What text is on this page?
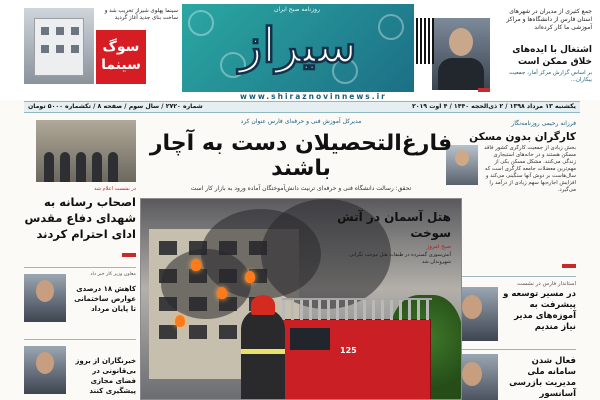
جمع کثیری از مدیران در شهرهای استان فارس از دانشگاه‌ها و مراکز آموزشی ما کار کرده‌اند
اشتغال با ایده‌های خلاق ممکن است
بر اساس گزارش مرکز آمار، جمعیت بیکاران...
روزنامه صبح ایران
سیراز
سینما پهلوی شیراز تخریب شد و ساخت بنای جدید آغاز گردید
سوگ سینما
www.shiraznovinnews.ir
یکشنبه ۱۳ مرداد ۱۳۹۸ / ۲ ذی‌الحجه ۱۴۴۰ / ۴ اوت ۲۰۱۹
شماره ۲۷۲۰ / سال سوم / صفحه ۸ / تکشماره ۵۰۰۰ تومان
فرزانه رحیمی روزنامه‌نگار
کارگران بدون مسکن
بخش زیادی از جمعیت کارگری کشور فاقد مسکن هستند و در خانه‌های استیجاری زندگی می‌کنند. مشکل مسکن یکی از مهم‌ترین معضلات جامعه کارگری است که سال‌هاست بر دوش آنها سنگینی می‌کند و افزایش اجاره‌بها سهم زیادی از درآمد را می‌گیرد.
استاندار فارس در نشست
در مسیر توسعه و پیشرفت به آموزه‌های مدیر نیاز مندیم
فعال شدن سامانه ملی مدیریت بازرسی آسانسور
مدیرکل آموزش فنی و حرفه‌ای فارس عنوان کرد
فارغ‌التحصیلان دست به آچار باشند
تحقق: رسالت دانشگاه فنی و حرفه‌ای تربیت دانش‌آموختگان آماده ورود به بازار کار است
125
هتل آسمان در آتش سوخت
صبح امروز
آتش‌سوزی گسترده در طبقات هتل موجب نگرانی شهروندان شد
در نشست اعلام شد
اصحاب رسانه به شهدای دفاع مقدس ادای احترام کردند
معاون وزیر کار خبر داد
کاهش ۱۸ درصدی عوارض ساختمانی تا پایان مرداد
خبرنگاران از بروز بی‌قانونی در فضای مجازی پیشگیری کنند
